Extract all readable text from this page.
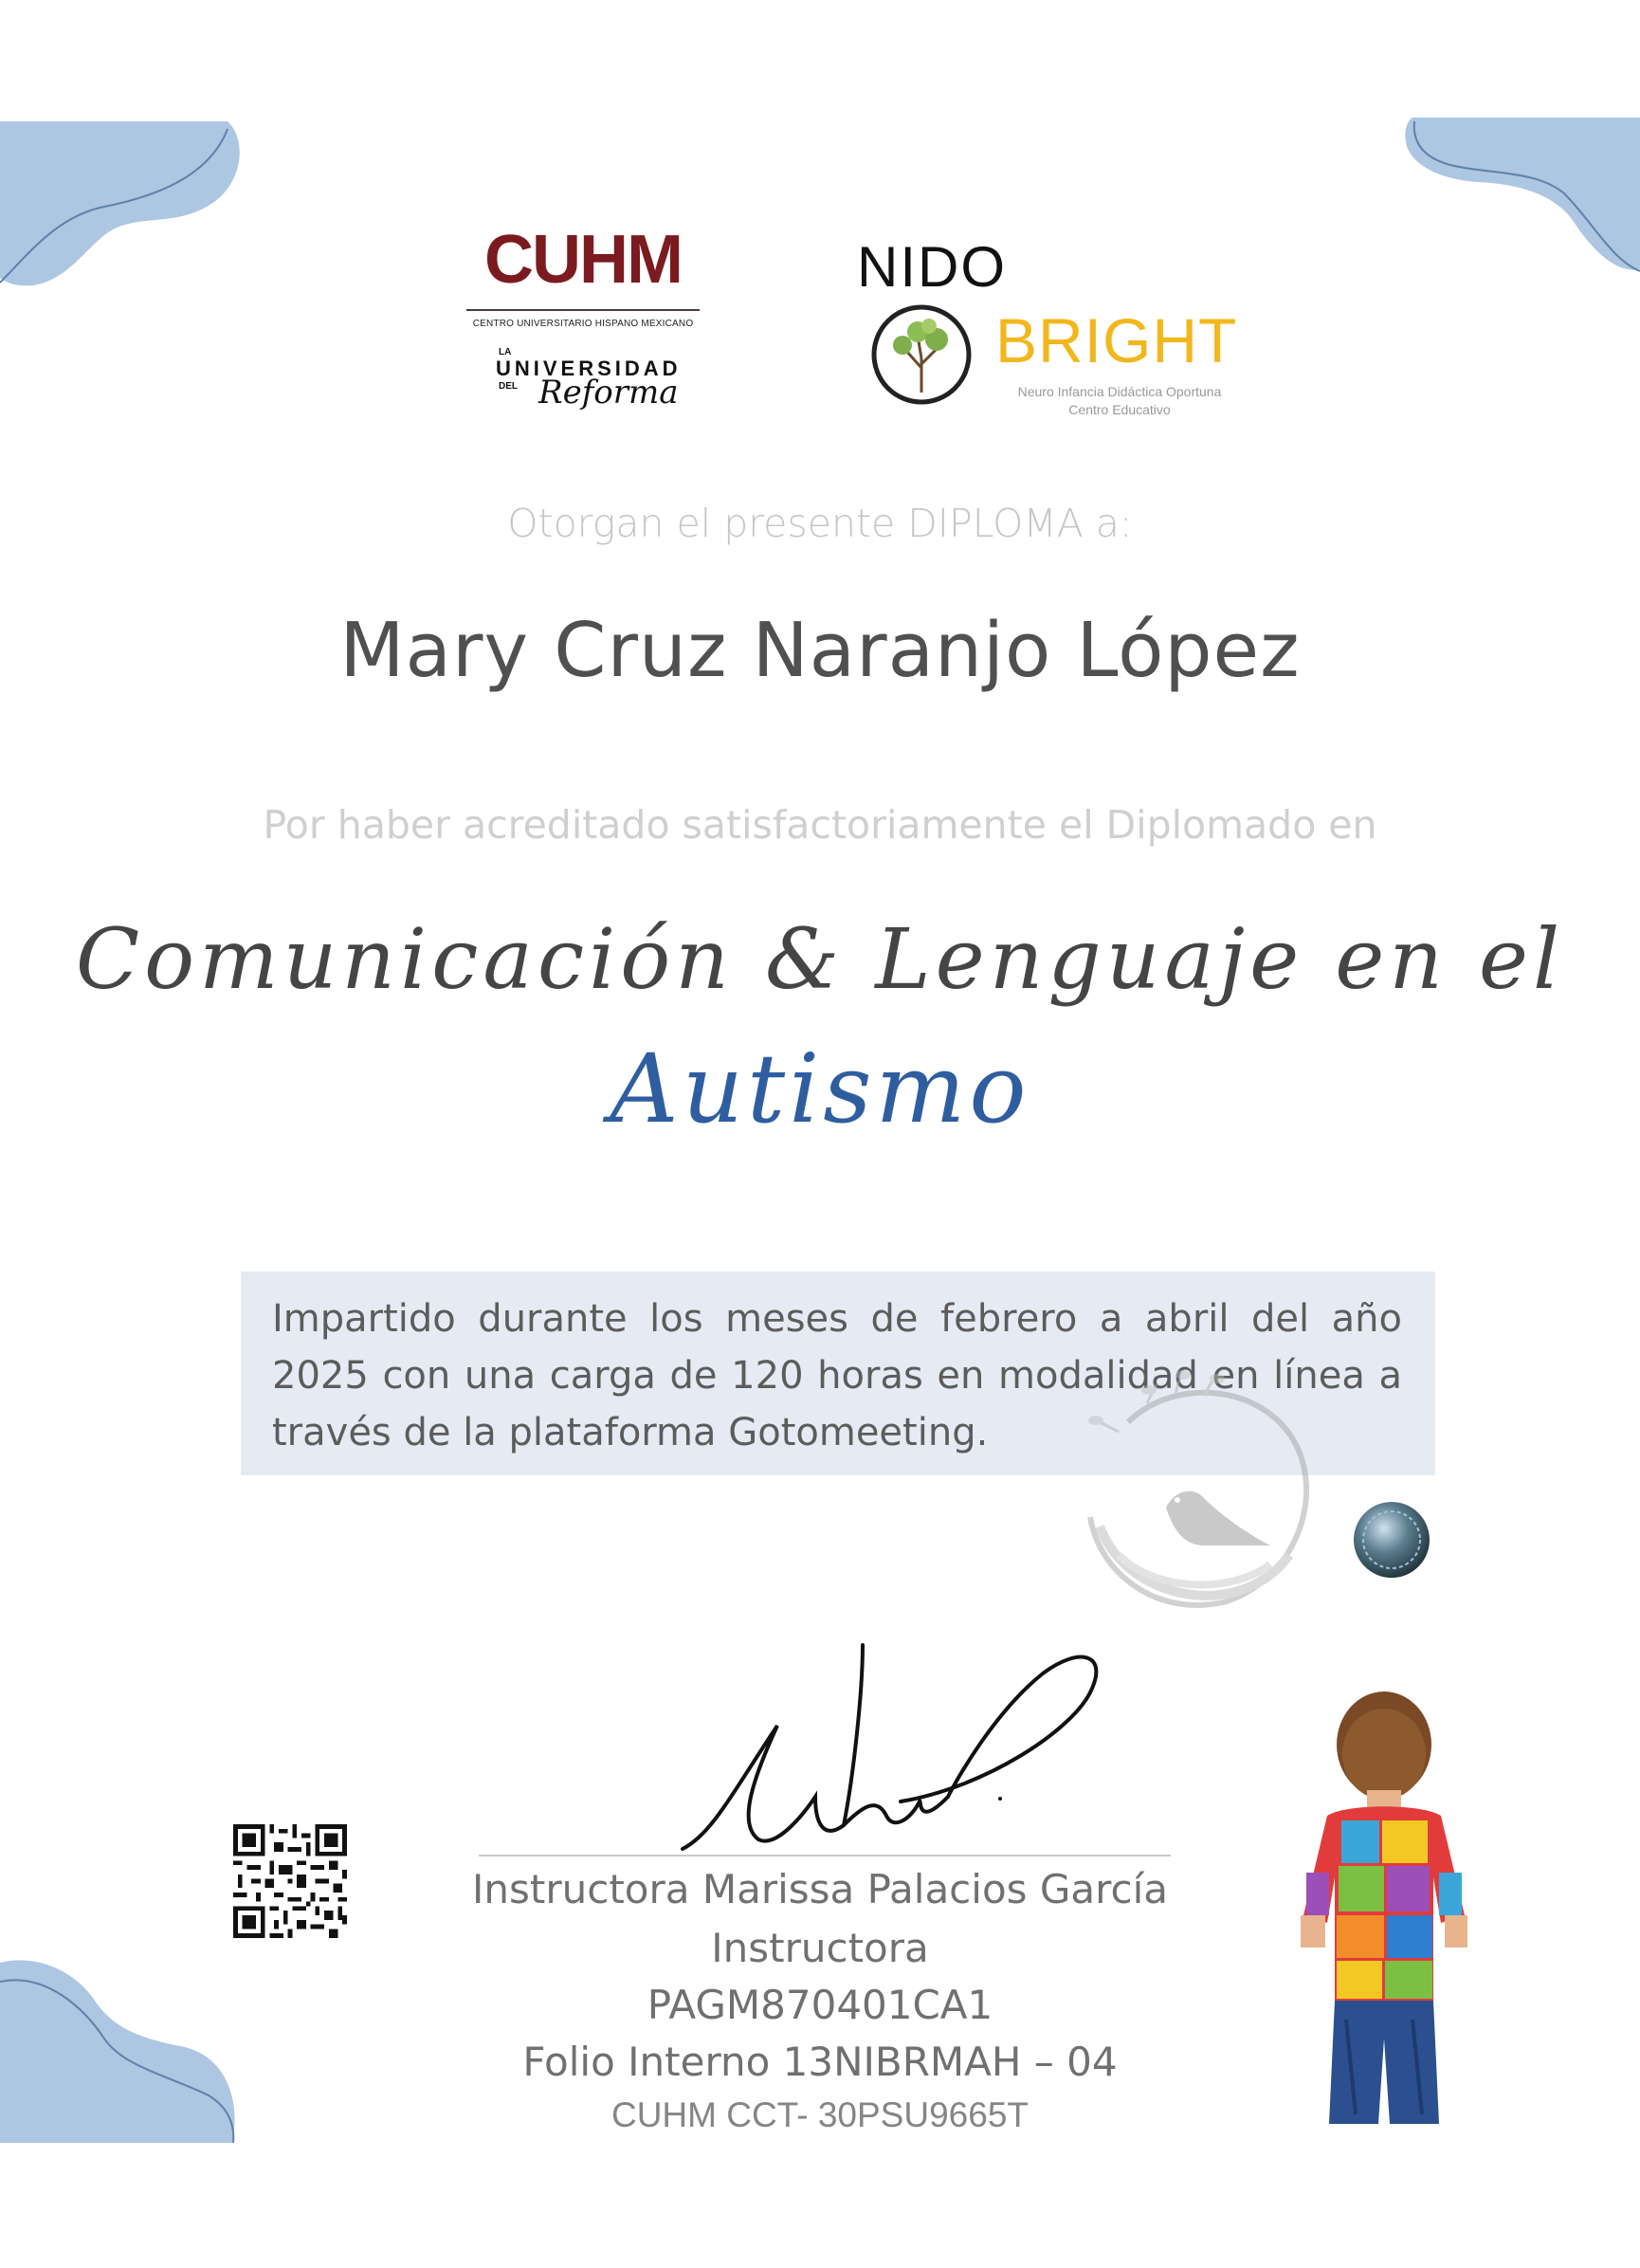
CUHM
CENTRO UNIVERSITARIO HISPANO MEXICANO
LA
UNIVERSIDAD
DEL Reforma
NIDO
BRIGHT
Neuro Infancia Didáctica Oportuna
Centro Educativo
Otorgan el presente DIPLOMA a:
Mary Cruz Naranjo López
Por haber acreditado satisfactoriamente el Diplomado en
Comunicación & Lenguaje en el
Autismo
Impartido durante los meses de febrero a abril del año 2025 con una carga de 120 horas en modalidad en línea a través de la plataforma Gotomeeting.
Instructora Marissa Palacios García
Instructora
PAGM870401CA1
Folio Interno 13NIBRMAH – 04
CUHM CCT- 30PSU9665T
